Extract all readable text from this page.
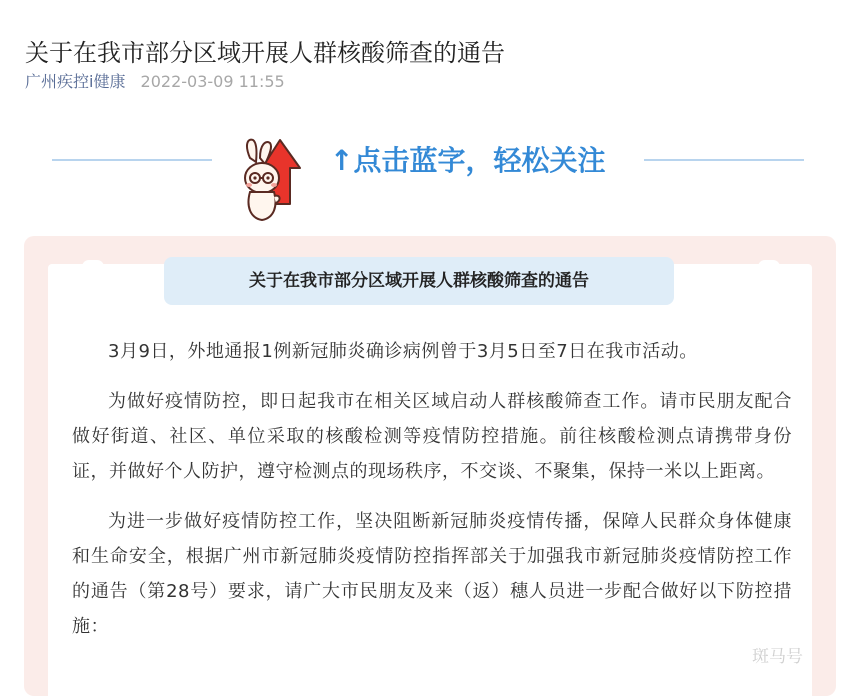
关于在我市部分区域开展人群核酸筛查的通告
广州疾控i健康 2022-03-09 11:55
↑点击蓝字，轻松关注
关于在我市部分区域开展人群核酸筛查的通告

3月9日，外地通报1例新冠肺炎确诊病例曾于3月5日至7日在我市活动。

为做好疫情防控，即日起我市在相关区域启动人群核酸筛查工作。请市民朋友配合做好街道、社区、单位采取的核酸检测等疫情防控措施。前往核酸检测点请携带身份证，并做好个人防护，遵守检测点的现场秩序，不交谈、不聚集，保持一米以上距离。

为进一步做好疫情防控工作，坚决阻断新冠肺炎疫情传播，保障人民群众身体健康和生命安全，根据广州市新冠肺炎疫情防控指挥部关于加强我市新冠肺炎疫情防控工作的通告（第28号）要求，请广大市民朋友及来（返）穗人员进一步配合做好以下防控措施：

斑马号
